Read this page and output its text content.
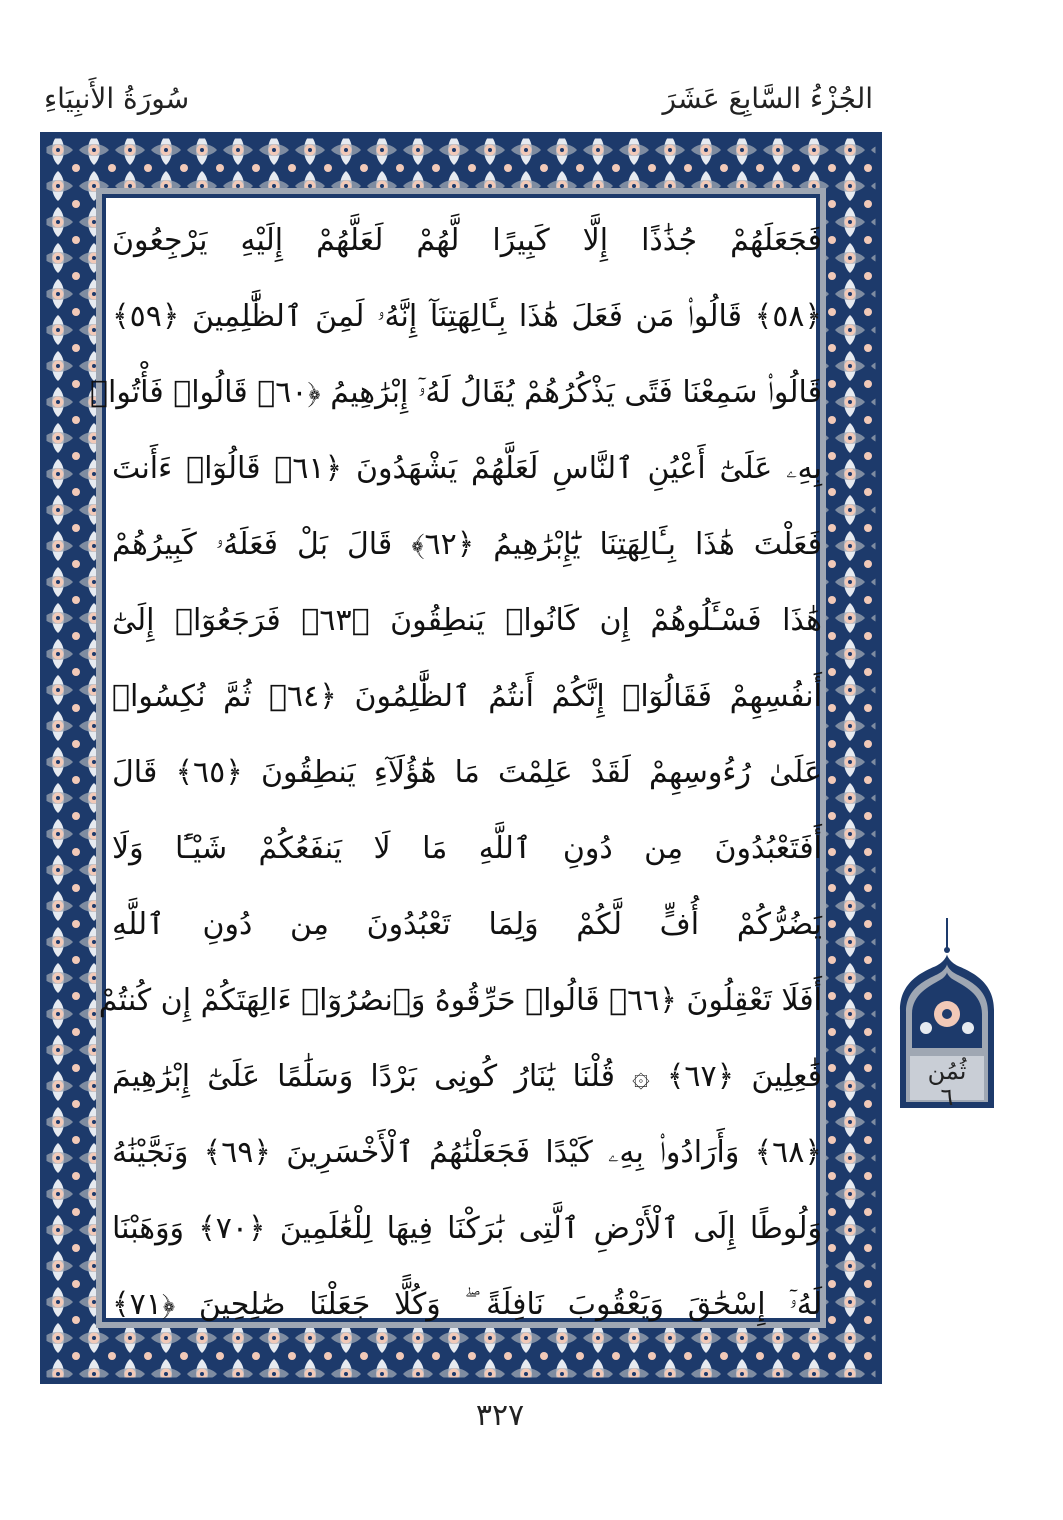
سُورَةُ الأَنبِيَاءِ	الجُزْءُ السَّابِعَ عَشَرَ
فَجَعَلَهُمْ جُذَٰذًا إِلَّا كَبِيرًا لَّهُمْ لَعَلَّهُمْ إِلَيْهِ يَرْجِعُونَ
﴿٥٨﴾ قَالُوا۟ مَن فَعَلَ هَٰذَا بِـَٔالِهَتِنَآ إِنَّهُۥ لَمِنَ ٱلظَّٰلِمِينَ ﴿٥٩﴾
قَالُوا۟ سَمِعْنَا فَتًى يَذْكُرُهُمْ يُقَالُ لَهُۥٓ إِبْرَٰهِيمُ ﴿٦٠﴾ قَالُوا۟ فَأْتُوا۟
بِهِۦ عَلَىٰٓ أَعْيُنِ ٱلنَّاسِ لَعَلَّهُمْ يَشْهَدُونَ ﴿٦١﴾ قَالُوٓا۟ ءَأَنتَ
فَعَلْتَ هَٰذَا بِـَٔالِهَتِنَا يَٰٓإِبْرَٰهِيمُ ﴿٦٢﴾ قَالَ بَلْ فَعَلَهُۥ كَبِيرُهُمْ
هَٰذَا فَسْـَٔلُوهُمْ إِن كَانُوا۟ يَنطِقُونَ ﴿٦٣﴾ فَرَجَعُوٓا۟ إِلَىٰٓ
أَنفُسِهِمْ فَقَالُوٓا۟ إِنَّكُمْ أَنتُمُ ٱلظَّٰلِمُونَ ﴿٦٤﴾ ثُمَّ نُكِسُوا۟
عَلَىٰ رُءُوسِهِمْ لَقَدْ عَلِمْتَ مَا هَٰٓؤُلَآءِ يَنطِقُونَ ﴿٦٥﴾ قَالَ
أَفَتَعْبُدُونَ مِن دُونِ ٱللَّهِ مَا لَا يَنفَعُكُمْ شَيْـًٔا وَلَا
يَضُرُّكُمْ أُفٍّ لَّكُمْ وَلِمَا تَعْبُدُونَ مِن دُونِ ٱللَّهِ
أَفَلَا تَعْقِلُونَ ﴿٦٦﴾ قَالُوا۟ حَرِّقُوهُ وَٱنصُرُوٓا۟ ءَالِهَتَكُمْ إِن كُنتُمْ
فَٰعِلِينَ ﴿٦٧﴾ ۞ قُلْنَا يَٰنَارُ كُونِى بَرْدًا وَسَلَٰمًا عَلَىٰٓ إِبْرَٰهِيمَ
﴿٦٨﴾ وَأَرَادُوا۟ بِهِۦ كَيْدًا فَجَعَلْنَٰهُمُ ٱلْأَخْسَرِينَ ﴿٦٩﴾ وَنَجَّيْنَٰهُ
وَلُوطًا إِلَى ٱلْأَرْضِ ٱلَّتِى بَٰرَكْنَا فِيهَا لِلْعَٰلَمِينَ ﴿٧٠﴾ وَوَهَبْنَا
لَهُۥٓ إِسْحَٰقَ وَيَعْقُوبَ نَافِلَةً ۖ وَكُلًّا جَعَلْنَا صَٰلِحِينَ ﴿٧١﴾
ثُمُن
٦
٣٢٧
